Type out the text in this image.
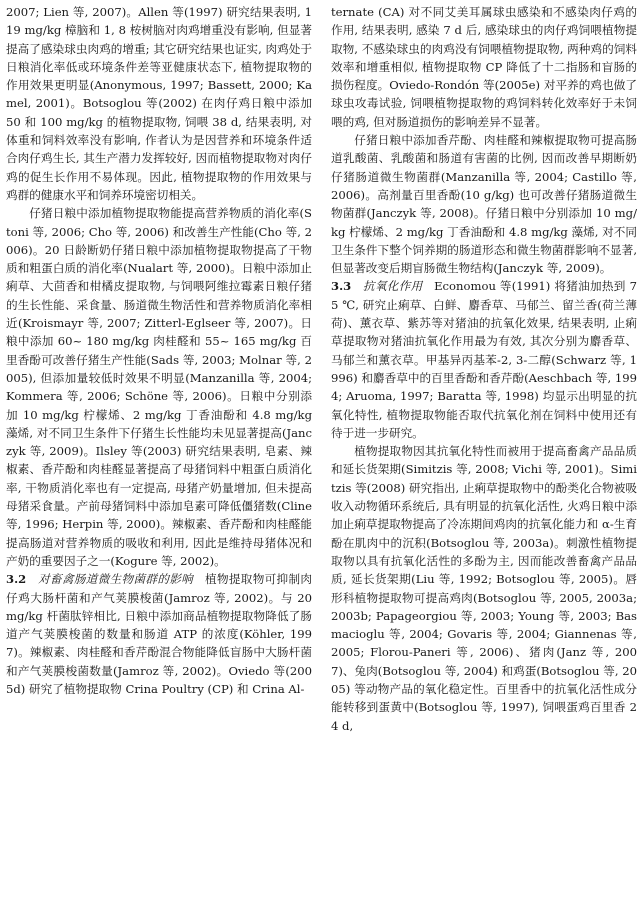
2007; Lien 等, 2007)。Allen 等(1997) 研究结果表明, 119 mg/kg 樟脑和 1, 8 桉树脑对肉鸡增重没有影响, 但显著提高了感染球虫肉鸡的增重; 其它研究结果也证实, 肉鸡处于日粮消化率低或环境条件差等亚健康状态下, 植物提取物的作用效果更明显(Anonymous, 1997; Bassett, 2000; Kamel, 2001)。Botsoglou 等(2002) 在肉仔鸡日粮中添加 50 和 100 mg/kg 的植物提取物, 饲喂 38 d, 结果表明, 对体重和饲料效率没有影响, 作者认为是因营养和环境条件适合肉仔鸡生长, 其生产潜力发挥较好, 因而植物提取物对肉仔鸡的促生长作用不易体现。因此, 植物提取物的作用效果与鸡群的健康水平和饲养环境密切相关。

仔猪日粮中添加植物提取物能提高营养物质的消化率(Stoni 等, 2006; Cho 等, 2006) 和改善生产性能(Cho 等, 2006)。20 日龄断奶仔猪日粮中添加植物提取物提高了干物质和粗蛋白质的消化率(Nualart 等, 2000)。日粮中添加止痢草、大茴香和柑橘皮提取物, 与饲喂阿维拉霉素日粮仔猪的生长性能、采食量、肠道微生物活性和营养物质消化率相近(Kroismayr 等, 2007; Zitterl-Eglseer 等, 2007)。日粮中添加 60~ 180 mg/kg 肉桂醛和 55~ 165 mg/kg 百里香酚可改善仔猪生产性能(Sads 等, 2003; Molnar 等, 2005), 但添加量较低时效果不明显(Manzanilla 等, 2004; Kommera 等, 2006; Schöne 等, 2006)。日粮中分别添加 10 mg/kg 柠檬烯、2 mg/kg 丁香油酚和 4.8 mg/kg 藻烯, 对不同卫生条件下仔猪生长性能均未见显著提高(Janczyk 等, 2009)。Ilsley 等(2003) 研究结果表明, 皂素、辣椒素、香芹酚和肉桂醛显著提高了母猪饲料中粗蛋白质消化率, 干物质消化率也有一定提高, 母猪产奶量增加, 但未提高母猪采食量。产前母猪饲料中添加皂素可降低僵猪数(Cline 等, 1996; Herpin 等, 2000)。辣椒素、香芹酚和肉桂醛能提高肠道对营养物质的吸收和利用, 因此是维持母猪体况和产奶的重要因子之一(Kogure 等, 2002)。

3.2  对畜禽肠道微生物菌群的影响  植物提取物可抑制肉仔鸡大肠杆菌和产气荚膜梭菌(Jamroz 等, 2002)。与 20 mg/kg 杆菌肽锌相比, 日粮中添加商品植物提取物降低了肠道产气荚膜梭菌的数量和肠道 ATP 的浓度(Köhler, 1997)。辣椒素、肉桂醛和香芹酚混合物能降低盲肠中大肠杆菌和产气荚膜梭菌数量(Jamroz 等, 2002)。Oviedo 等(2005d) 研究了植物提取物 Crina Poultry (CP) 和 Crina Al-

ternate (CA) 对不同艾美耳属球虫感染和不感染肉仔鸡的作用, 结果表明, 感染 7 d 后, 感染球虫的肉仔鸡饲喂植物提取物, 不感染球虫的肉鸡没有饲喂植物提取物, 两种鸡的饲料效率和增重相似, 植物提取物 CP 降低了十二指肠和盲肠的损伤程度。Oviedo-Rondón 等(2005e) 对平养的鸡也做了球虫攻毒试验, 饲喂植物提取物的鸡饲料转化效率好于未饲喂的鸡, 但对肠道损伤的影响差异不显著。

仔猪日粮中添加香芹酚、肉桂醛和辣椒提取物可提高肠道乳酸菌、乳酸菌和肠道有害菌的比例, 因而改善早期断奶仔猪肠道微生物菌群(Manzanilla 等, 2004; Castillo 等, 2006)。高剂量百里香酚(10 g/kg) 也可改善仔猪肠道微生物菌群(Janczyk 等, 2008)。仔猪日粮中分别添加 10 mg/kg 柠檬烯、2 mg/kg 丁香油酚和 4.8 mg/kg 藻烯, 对不同卫生条件下整个饲养期的肠道形态和微生物菌群影响不显著, 但显著改变后期盲肠微生物结构(Janczyk 等, 2009)。

3.3  抗氧化作用  Economou 等(1991) 将猪油加热到 75 ℃, 研究止痢草、白鲜、麝香草、马郁兰、留兰香(荷兰薄荷)、薰衣草、紫苏等对猪油的抗氧化效果, 结果表明, 止痢草提取物对猪油抗氧化作用最为有效, 其次分别为麝香草、马郁兰和薰衣草。甲基异丙基苯-2, 3-二醇(Schwarz 等, 1996) 和麝香草中的百里香酚和香芹酚(Aeschbach 等, 1994; Aruoma, 1997; Baratta 等, 1998) 均显示出明显的抗氧化特性, 植物提取物能否取代抗氧化剂在饲料中使用还有待于进一步研究。

植物提取物因其抗氧化特性而被用于提高畜禽产品品质和延长货架期(Simitzis 等, 2008; Vichi 等, 2001)。Simitzis 等(2008) 研究指出, 止痢草提取物中的酚类化合物被吸收入动物循环系统后, 具有明显的抗氧化活性, 火鸡日粮中添加止痢草提取物提高了冷冻期间鸡肉的抗氧化能力和 α-生育酚在肌肉中的沉积(Botsoglou 等, 2003a)。刺激性植物提取物以具有抗氧化活性的多酚为主, 因而能改善畜禽产品品质, 延长货架期(Liu 等, 1992; Botsoglou 等, 2005)。唇形科植物提取物可提高鸡肉(Botsoglou 等, 2005, 2003a; 2003b; Papageorgiou 等, 2003; Young 等, 2003; Basmacioglu 等, 2004; Govaris 等, 2004; Giannenas 等, 2005; Florou-Paneri 等, 2006)、猪肉(Janz 等, 2007)、兔肉(Botsoglou 等, 2004) 和鸡蛋(Botsoglou 等, 2005) 等动物产品的氧化稳定性。百里香中的抗氧化活性成分能转移到蛋黄中(Botsoglou 等, 1997), 饲喂蛋鸡百里香 24 d,
